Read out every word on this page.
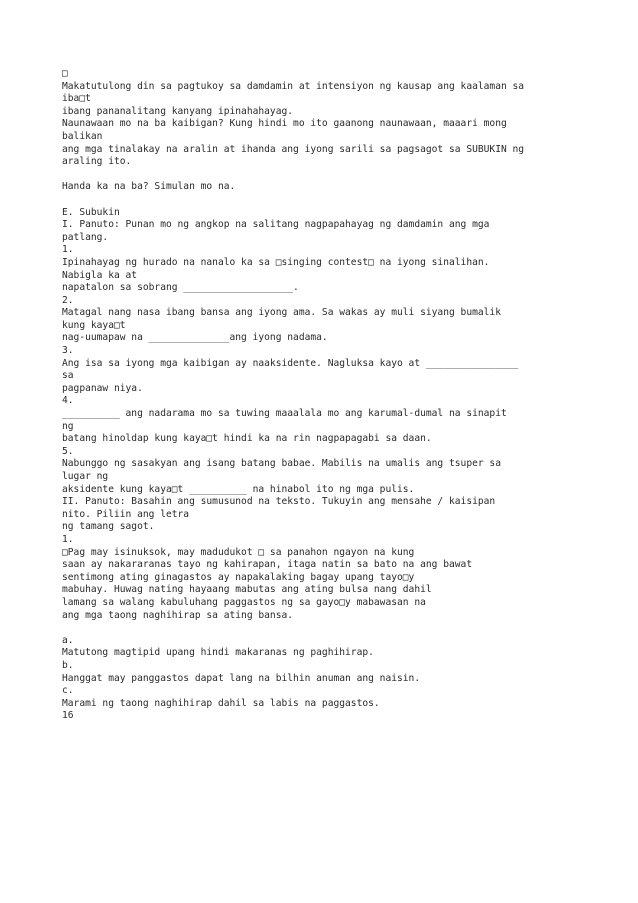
□
Makatutulong din sa pagtukoy sa damdamin at intensiyon ng kausap ang kaalaman sa
iba□t
ibang pananalitang kanyang ipinahahayag.
Naunawaan mo na ba kaibigan? Kung hindi mo ito gaanong naunawaan, maaari mong
balikan
ang mga tinalakay na aralin at ihanda ang iyong sarili sa pagsagot sa SUBUKIN ng
araling ito.
Handa ka na ba? Simulan mo na.
E. Subukin
I. Panuto: Punan mo ng angkop na salitang nagpapahayag ng damdamin ang mga
patlang.
1.
Ipinahayag ng hurado na nanalo ka sa □singing contest□ na iyong sinalihan.
Nabigla ka at
napatalon sa sobrang ___________________.
2.
Matagal nang nasa ibang bansa ang iyong ama. Sa wakas ay muli siyang bumalik
kung kaya□t
nag-uumapaw na ______________ang iyong nadama.
3.
Ang isa sa iyong mga kaibigan ay naaksidente. Nagluksa kayo at ________________
sa
pagpanaw niya.
4.
__________ ang nadarama mo sa tuwing maaalala mo ang karumal-dumal na sinapit
ng
batang hinoldap kung kaya□t hindi ka na rin nagpapagabi sa daan.
5.
Nabunggo ng sasakyan ang isang batang babae. Mabilis na umalis ang tsuper sa
lugar ng
aksidente kung kaya□t __________ na hinabol ito ng mga pulis.
II. Panuto: Basahin ang sumusunod na teksto. Tukuyin ang mensahe / kaisipan
nito. Piliin ang letra
ng tamang sagot.
1.
□Pag may isinuksok, may madudukot □ sa panahon ngayon na kung
saan ay nakararanas tayo ng kahirapan, itaga natin sa bato na ang bawat
sentimong ating ginagastos ay napakalaking bagay upang tayo□y
mabuhay. Huwag nating hayaang mabutas ang ating bulsa nang dahil
lamang sa walang kabuluhang paggastos ng sa gayo□y mabawasan na
ang mga taong naghihirap sa ating bansa.
a.
Matutong magtipid upang hindi makaranas ng paghihirap.
b.
Hanggat may panggastos dapat lang na bilhin anuman ang naisin.
c.
Marami ng taong naghihirap dahil sa labis na paggastos.
16
